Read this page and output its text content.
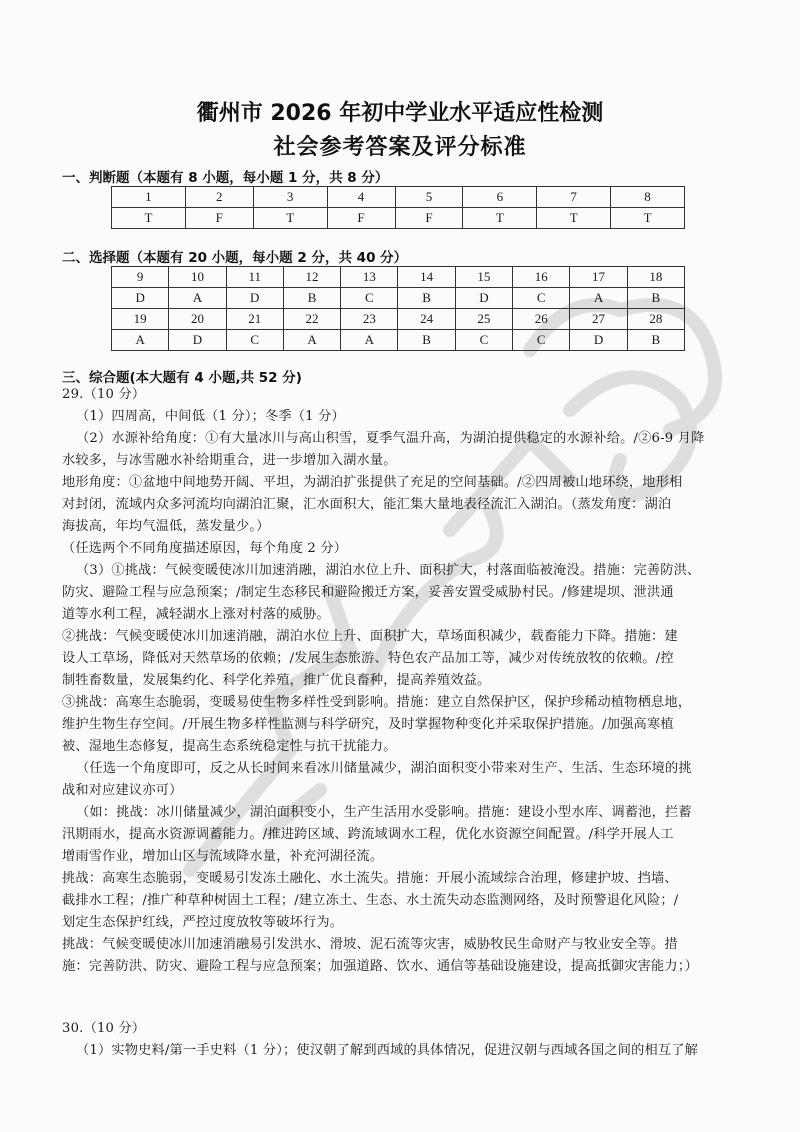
衢州市 2026 年初中学业水平适应性检测
社会参考答案及评分标准
一、判断题（本题有 8 小题，每小题 1 分，共 8 分）
1	2	3	4	5	6	7	8
T	F	T	F	F	T	T	T
二、选择题（本题有 20 小题，每小题 2 分，共 40 分）
9	10	11	12	13	14	15	16	17	18
D	A	D	B	C	B	D	C	A	B
19	20	21	22	23	24	25	26	27	28
A	D	C	A	A	B	C	C	D	B
三、综合题(本大题有 4 小题,共 52 分)
29.（10 分）
（1）四周高，中间低（1 分）；冬季（1 分）
（2）水源补给角度：①有大量冰川与高山积雪，夏季气温升高，为湖泊提供稳定的水源补给。/②6-9 月降
水较多，与冰雪融水补给期重合，进一步增加入湖水量。
地形角度：①盆地中间地势开阔、平坦，为湖泊扩张提供了充足的空间基础。/②四周被山地环绕，地形相
对封闭，流域内众多河流均向湖泊汇聚，汇水面积大，能汇集大量地表径流汇入湖泊。（蒸发角度：湖泊
海拔高，年均气温低，蒸发量少。）
（任选两个不同角度描述原因，每个角度 2 分）
（3）①挑战：气候变暖使冰川加速消融，湖泊水位上升、面积扩大，村落面临被淹没。措施：完善防洪、
防灾、避险工程与应急预案；/制定生态移民和避险搬迁方案，妥善安置受威胁村民。/修建堤坝、泄洪通
道等水利工程，减轻湖水上涨对村落的威胁。
②挑战：气候变暖使冰川加速消融，湖泊水位上升、面积扩大，草场面积减少，载畜能力下降。措施：建
设人工草场，降低对天然草场的依赖；/发展生态旅游、特色农产品加工等，减少对传统放牧的依赖。/控
制牲畜数量，发展集约化、科学化养殖，推广优良畜种，提高养殖效益。
③挑战：高寒生态脆弱，变暖易使生物多样性受到影响。措施：建立自然保护区，保护珍稀动植物栖息地，
维护生物生存空间。/开展生物多样性监测与科学研究，及时掌握物种变化并采取保护措施。/加强高寒植
被、湿地生态修复，提高生态系统稳定性与抗干扰能力。
（任选一个角度即可，反之从长时间来看冰川储量减少，湖泊面积变小带来对生产、生活、生态环境的挑
战和对应建议亦可）
（如：挑战：冰川储量减少，湖泊面积变小，生产生活用水受影响。措施：建设小型水库、调蓄池，拦蓄
汛期雨水，提高水资源调蓄能力。/推进跨区域、跨流域调水工程，优化水资源空间配置。/科学开展人工
增雨雪作业，增加山区与流域降水量，补充河湖径流。
挑战：高寒生态脆弱，变暖易引发冻土融化、水土流失。措施：开展小流域综合治理，修建护坡、挡墙、
截排水工程；/推广种草种树固土工程；/建立冻土、生态、水土流失动态监测网络，及时预警退化风险；/
划定生态保护红线，严控过度放牧等破坏行为。
挑战：气候变暖使冰川加速消融易引发洪水、滑坡、泥石流等灾害，威胁牧民生命财产与牧业安全等。措
施：完善防洪、防灾、避险工程与应急预案；加强道路、饮水、通信等基础设施建设，提高抵御灾害能力；）
30.（10 分）
（1）实物史料/第一手史料（1 分）；使汉朝了解到西域的具体情况，促进汉朝与西域各国之间的相互了解
